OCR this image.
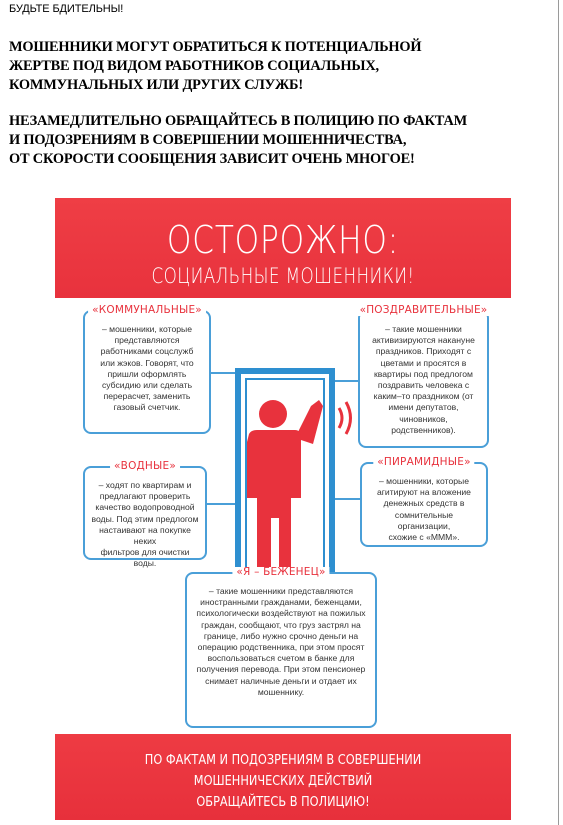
БУДЬТЕ БДИТЕЛЬНЫ!

МОШЕННИКИ МОГУТ ОБРАТИТЬСЯ К ПОТЕНЦИАЛЬНОЙ
ЖЕРТВЕ ПОД ВИДОМ РАБОТНИКОВ СОЦИАЛЬНЫХ,
КОММУНАЛЬНЫХ ИЛИ ДРУГИХ СЛУЖБ!

НЕЗАМЕДЛИТЕЛЬНО ОБРАЩАЙТЕСЬ В ПОЛИЦИЮ ПО ФАКТАМ
И ПОДОЗРЕНИЯМ В СОВЕРШЕНИИ МОШЕННИЧЕСТВА,
ОТ СКОРОСТИ СООБЩЕНИЯ ЗАВИСИТ ОЧЕНЬ МНОГОЕ!

ОСТОРОЖНО:
СОЦИАЛЬНЫЕ МОШЕННИКИ!
«КОММУНАЛЬНЫЕ»
– мошенники, которые
представляются
работниками соцслужб
или жэков. Говорят, что
пришли оформлять
субсидию или сделать
перерасчет, заменить
газовый счетчик.
«ПОЗДРАВИТЕЛЬНЫЕ»
– такие мошенники
активизируются накануне
праздников. Приходят с
цветами и просятся в
квартиры под предлогом
поздравить человека с
каким–то праздником (от
имени депутатов,
чиновников, родственников).
«ВОДНЫЕ»
– ходят по квартирам и
предлагают проверить
качество водопроводной
воды. Под этим предлогом
настаивают на покупке неких
фильтров для очистки воды.
«ПИРАМИДНЫЕ»
– мошенники, которые
агитируют на вложение
денежных средств в
сомнительные организации,
схожие с «МММ».
«Я – БЕЖЕНЕЦ»
– такие мошенники представляются
иностранными гражданами, беженцами,
психологически воздействуют на пожилых
граждан, сообщают, что груз застрял на
границе, либо нужно срочно деньги на
операцию родственника, при этом просят
воспользоваться счетом в банке для
получения перевода. При этом пенсионер
снимает наличные деньги и отдает их
мошеннику.
ПО ФАКТАМ И ПОДОЗРЕНИЯМ В СОВЕРШЕНИИ МОШЕННИЧЕСКИХ ДЕЙСТВИЙ
ОБРАЩАЙТЕСЬ В ПОЛИЦИЮ!
